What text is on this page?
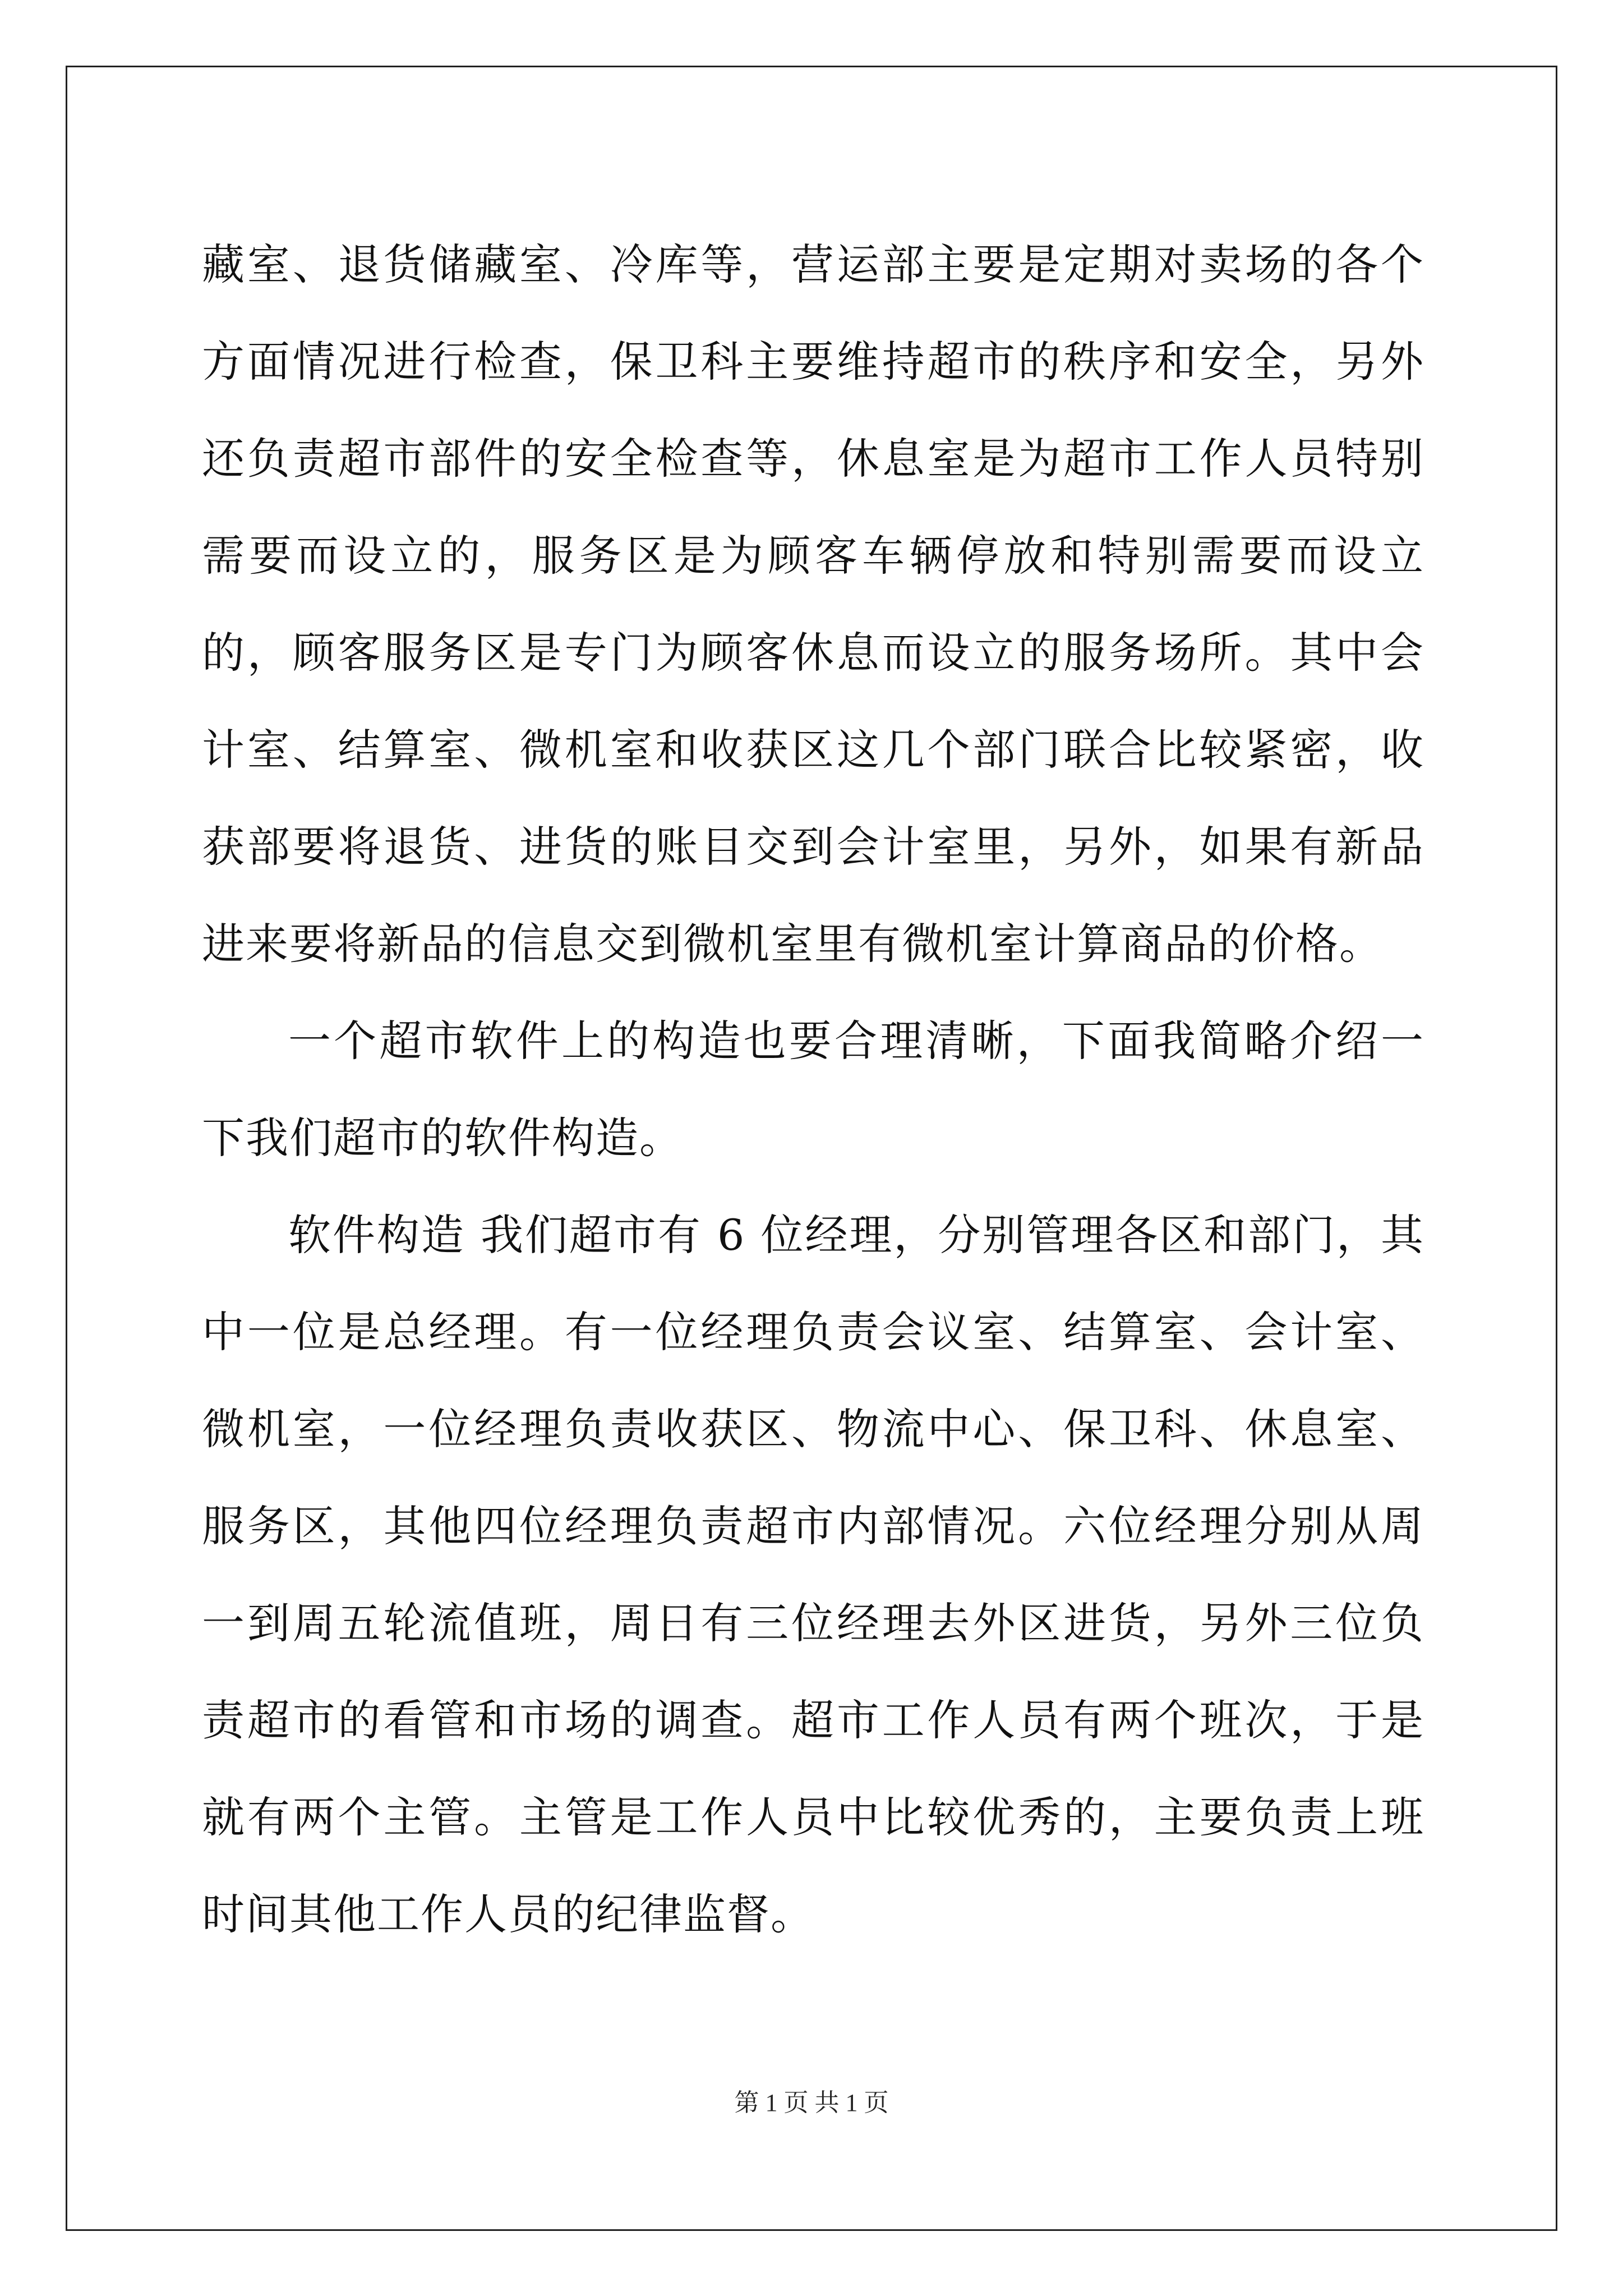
藏室、退货储藏室、冷库等，营运部主要是定期对卖场的各个方面情况进行检查，保卫科主要维持超市的秩序和安全，另外还负责超市部件的安全检查等，休息室是为超市工作人员特别需要而设立的，服务区是为顾客车辆停放和特别需要而设立的，顾客服务区是专门为顾客休息而设立的服务场所。其中会计室、结算室、微机室和收获区这几个部门联合比较紧密，收获部要将退货、进货的账目交到会计室里，另外，如果有新品进来要将新品的信息交到微机室里有微机室计算商品的价格。

一个超市软件上的构造也要合理清晰，下面我简略介绍一下我们超市的软件构造。

软件构造 我们超市有 6 位经理，分别管理各区和部门，其中一位是总经理。有一位经理负责会议室、结算室、会计室、微机室，一位经理负责收获区、物流中心、保卫科、休息室、服务区，其他四位经理负责超市内部情况。六位经理分别从周一到周五轮流值班，周日有三位经理去外区进货，另外三位负责超市的看管和市场的调查。超市工作人员有两个班次，于是就有两个主管。主管是工作人员中比较优秀的，主要负责上班时间其他工作人员的纪律监督。

第 1 页 共 1 页
